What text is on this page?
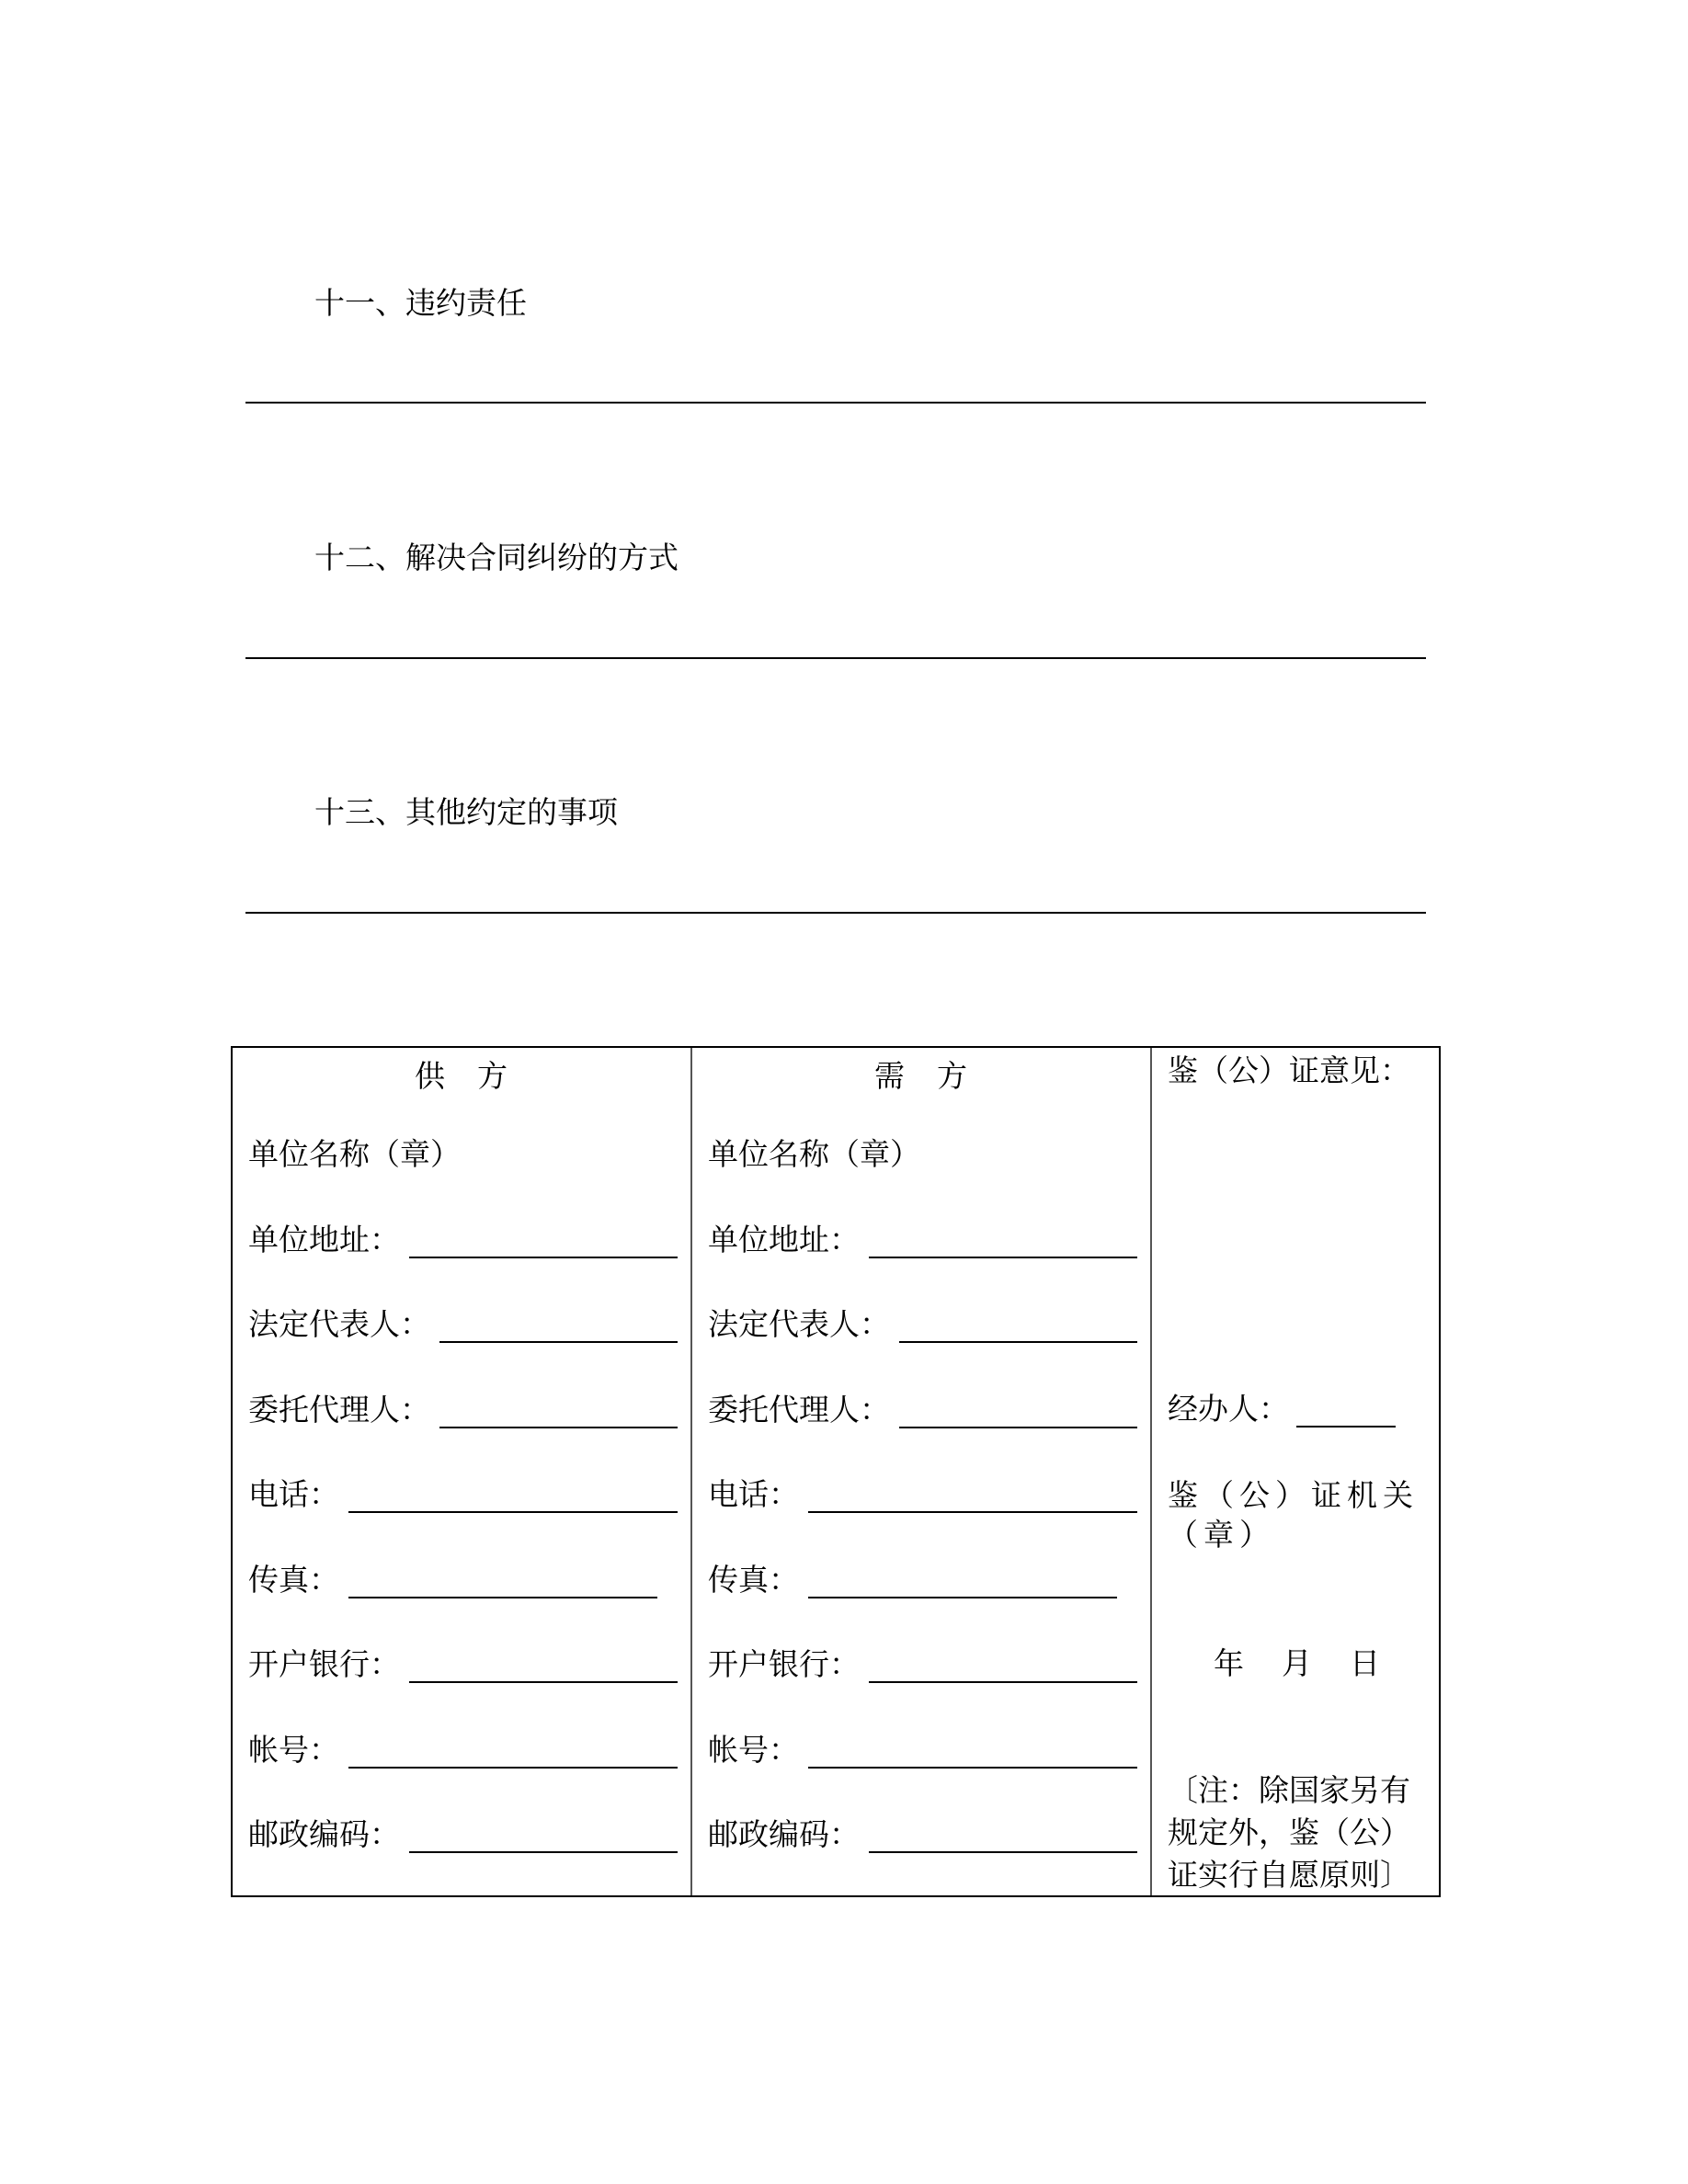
十一、违约责任
十二、解决合同纠纷的方式
十三、其他约定的事项
供　方
单位名称（章）
单位地址：
法定代表人：
委托代理人：
电话：
传真：
开户银行：
帐号：
邮政编码：
需　方
单位名称（章）
单位地址：
法定代表人：
委托代理人：
电话：
传真：
开户银行：
帐号：
邮政编码：
鉴（公）证意见：
经办人：
鉴（公）证机关（章）
年　月　日
〔注：除国家另有规定外，鉴（公）证实行自愿原则〕
